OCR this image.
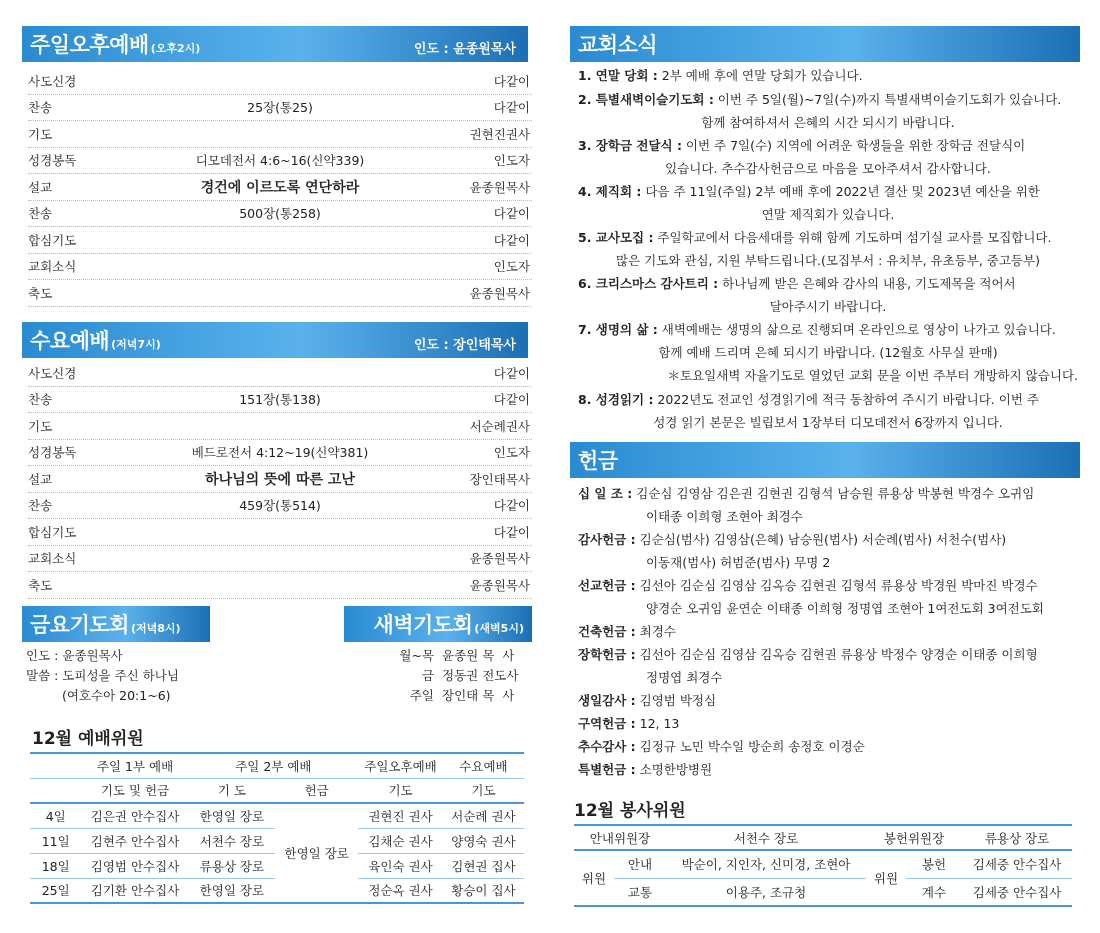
주일오후예배 (오후2시)	인도 : 윤종원목사
사도신경	다같이
찬송	25장(통25)	다같이
기도	권현진권사
성경봉독	디모데전서 4:6~16(신약339)	인도자
설교	경건에 이르도록 연단하라	윤종원목사
찬송	500장(통258)	다같이
합심기도	다같이
교회소식	인도자
축도	윤종원목사
수요예배 (저녁7시)	인도 : 장인태목사
사도신경	다같이
찬송	151장(통138)	다같이
기도	서순례권사
성경봉독	베드로전서 4:12~19(신약381)	인도자
설교	하나님의 뜻에 따른 고난	장인태목사
찬송	459장(통514)	다같이
합심기도	다같이
교회소식	윤종원목사
축도	윤종원목사
금요기도회 (저녁8시)
인도 : 윤종원목사
말씀 : 도피성을 주신 하나님
(여호수아 20:1~6)
새벽기도회 (새벽5시)
월~목 윤종원 목  사
금 정동권 전도사
주일 장인태 목  사
12월 예배위원
	주일 1부 예배	주일 2부 예배		주일오후예배	수요예배
	기도 및 헌금	기 도	헌금	기도	기도
4일	김은권 안수집사	한영일 장로	한영일 장로	권현진 권사	서순례 권사
11일	김현주 안수집사	서천수 장로		김채순 권사	양영숙 권사
18일	김영범 안수집사	류용상 장로		육인숙 권사	김현권 집사
25일	김기환 안수집사	한영일 장로		정순옥 권사	황승이 집사
교회소식
1. 연말 당회 : 2부 예배 후에 연말 당회가 있습니다.
2. 특별새벽이슬기도회 : 이번 주 5일(월)~7일(수)까지 특별새벽이슬기도회가 있습니다.
함께 참여하셔서 은혜의 시간 되시기 바랍니다.
3. 장학금 전달식 : 이번 주 7일(수) 지역에 어려운 학생들을 위한 장학금 전달식이
있습니다. 추수감사헌금으로 마음을 모아주셔서 감사합니다.
4. 제직회 : 다음 주 11일(주일) 2부 예배 후에 2022년 결산 및 2023년 예산을 위한
연말 제직회가 있습니다.
5. 교사모집 : 주일학교에서 다음세대를 위해 함께 기도하며 섬기실 교사를 모집합니다.
많은 기도와 관심, 지원 부탁드립니다.(모집부서 : 유치부, 유초등부, 중고등부)
6. 크리스마스 감사트리 : 하나님께 받은 은혜와 감사의 내용, 기도제목을 적어서
달아주시기 바랍니다.
7. 생명의 삶 : 새벽예배는 생명의 삶으로 진행되며 온라인으로 영상이 나가고 있습니다.
함께 예배 드리며 은혜 되시기 바랍니다. (12월호 사무실 판매)
＊토요일새벽 자율기도로 열었던 교회 문을 이번 주부터 개방하지 않습니다.
8. 성경읽기 : 2022년도 전교인 성경읽기에 적극 동참하여 주시기 바랍니다. 이번 주
성경 읽기 본문은 빌립보서 1장부터 디모데전서 6장까지 입니다.
헌금
십 일 조 : 김순심 김영삼 김은권 김현권 김형석 남승원 류용상 박봉현 박경수 오귀임
이태종 이희형 조현아 최경수
감사헌금 : 김순심(범사) 김영삼(은혜) 남승원(범사) 서순례(범사) 서천수(범사)
이동재(범사) 허범준(범사) 무명 2
선교헌금 : 김선아 김순심 김영삼 김옥승 김현권 김형석 류용상 박경원 박마진 박경수
양경순 오귀임 윤연순 이태종 이희형 정명엽 조현아 1여전도회 3여전도회
건축헌금 : 최경수
장학헌금 : 김선아 김순심 김영삼 김옥승 김현권 류용상 박정수 양경순 이태종 이희형
정명엽 최경수
생일감사 : 김영범 박정심
구역헌금 : 12, 13
추수감사 : 김정규 노민 박수일 방순희 송정호 이경순
특별헌금 : 소명한방병원
12월 봉사위원
안내위원장		서천수 장로	봉헌위원장		류용상 장로
위원	안내	박순이, 지인자, 신미경, 조현아	위원	봉헌	김세중 안수집사
	교통	이용주, 조규청		계수	김세중 안수집사
